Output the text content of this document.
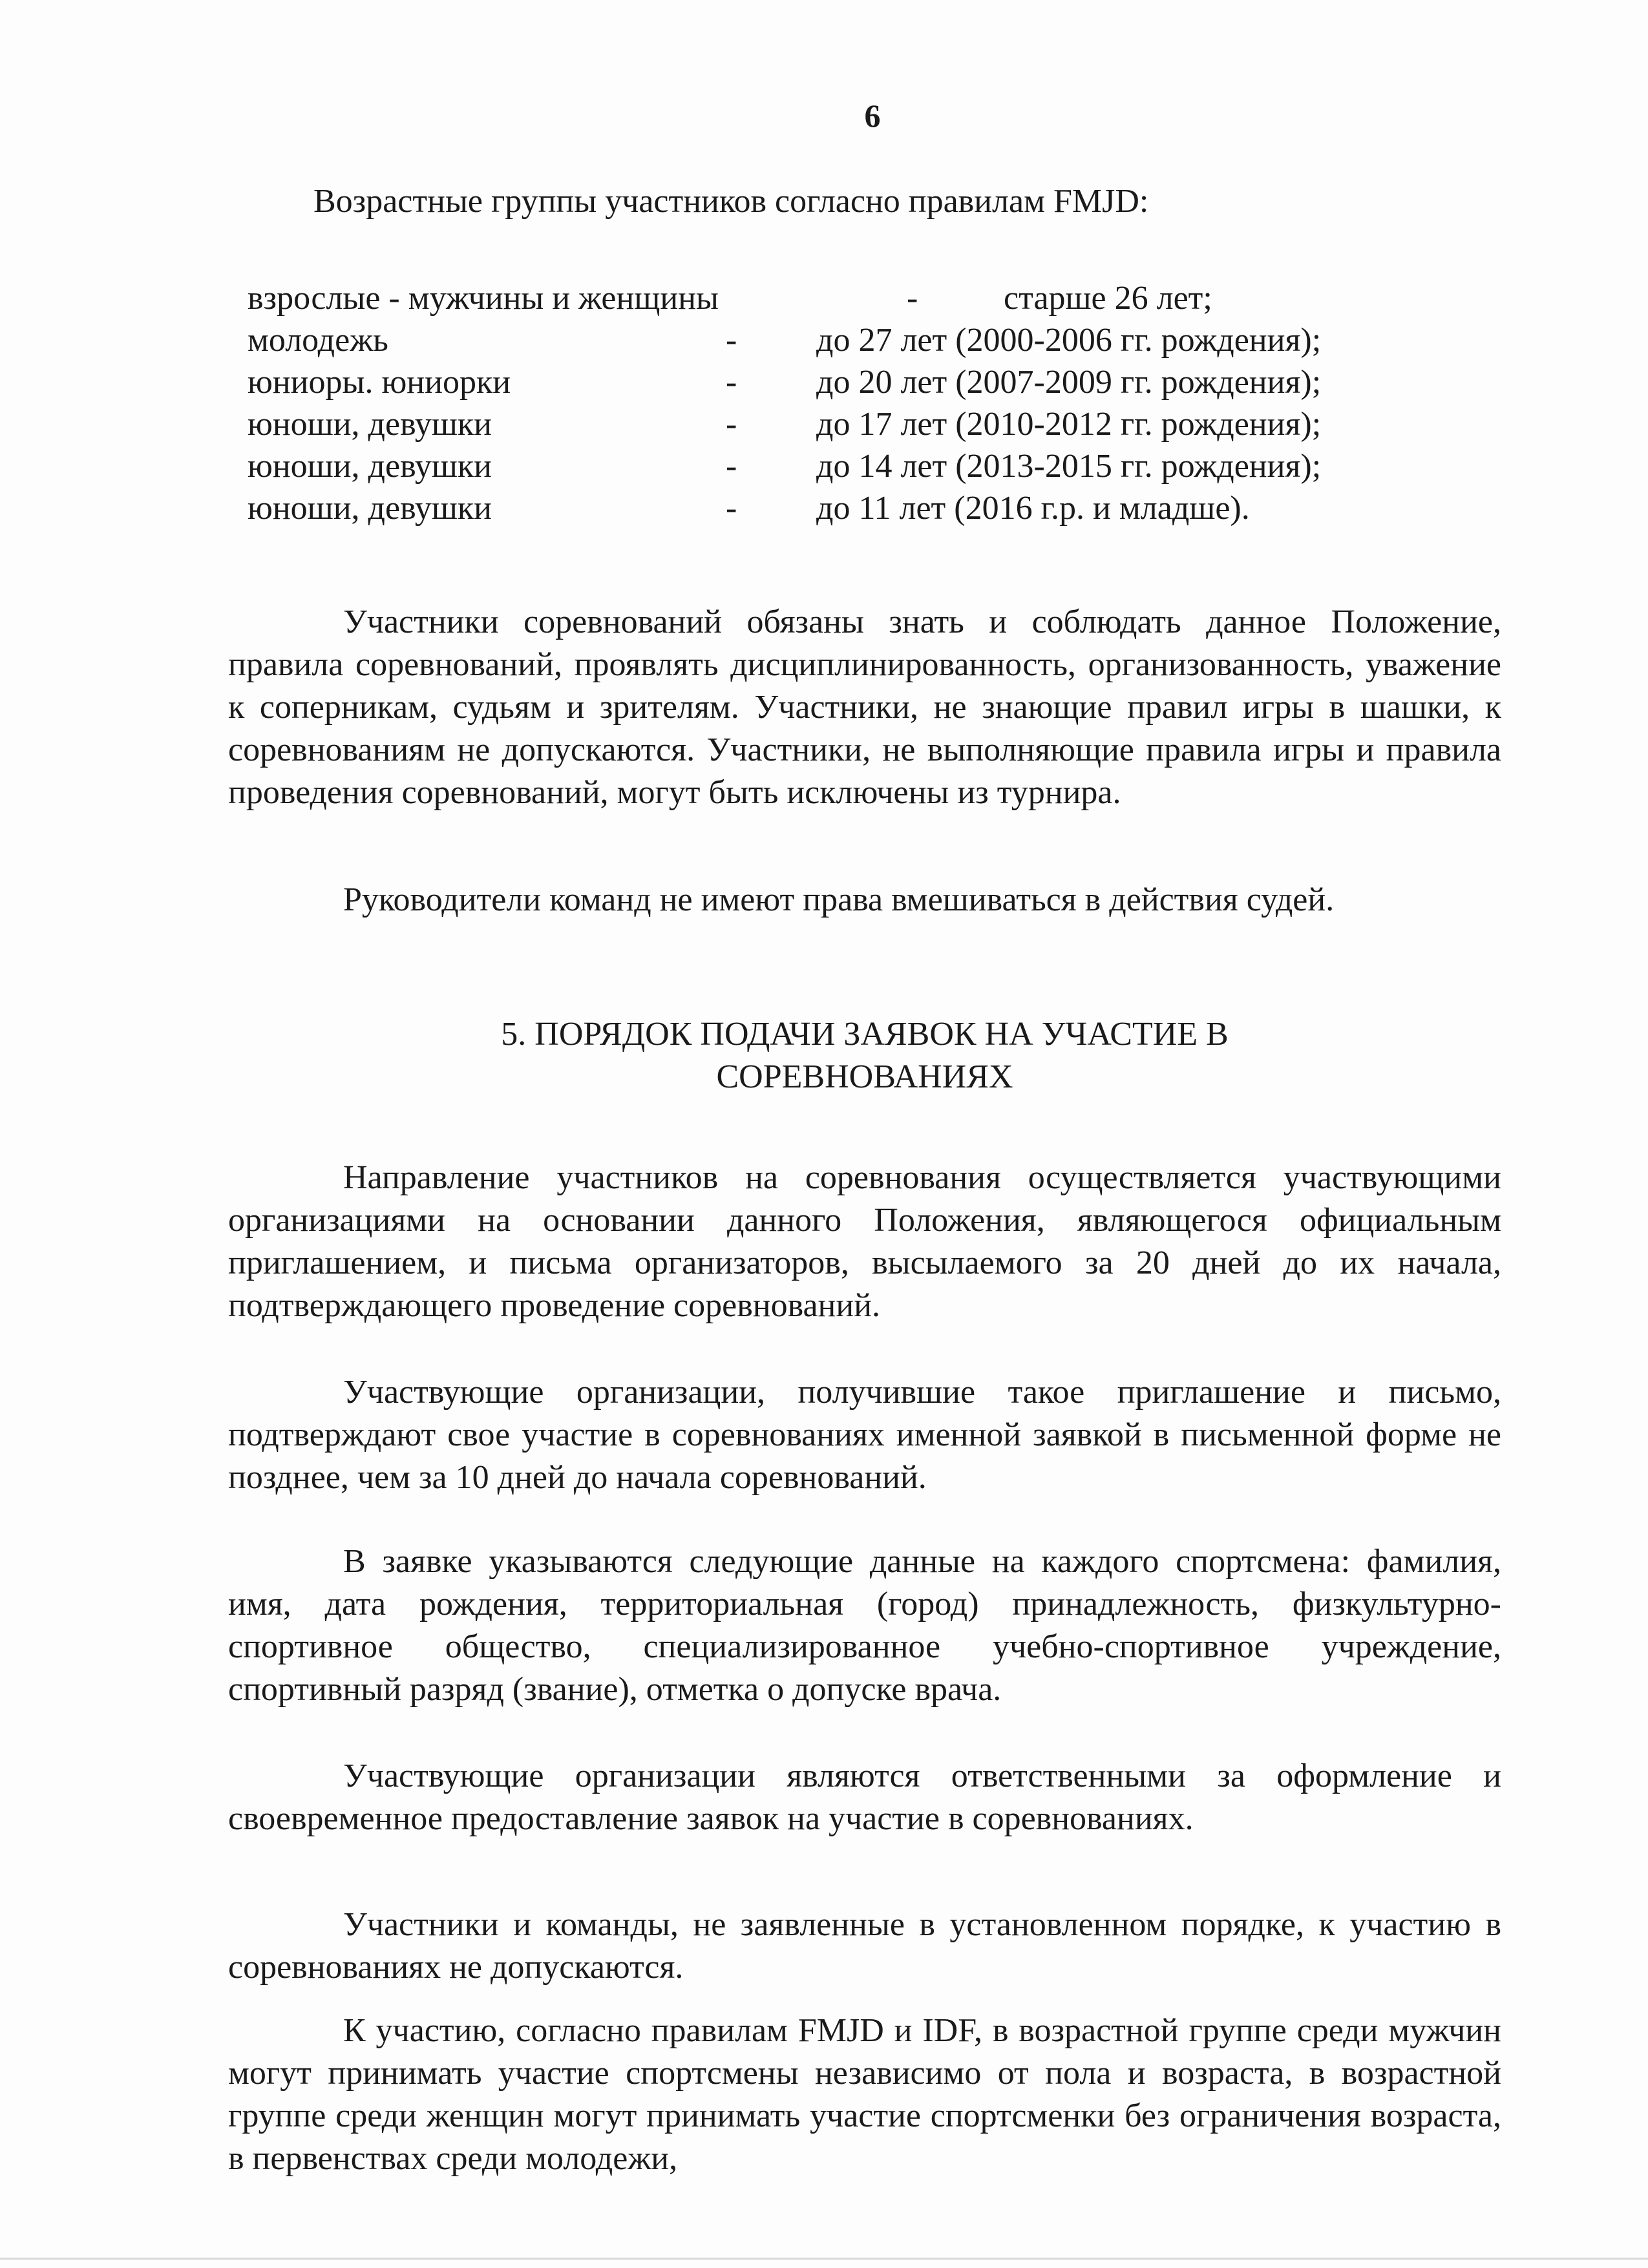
6
Возрастные группы участников согласно правилам FMJD:
взрослые - мужчины и женщины	-	старше 26 лет;
молодежь	- до 27 лет (2000-2006 гг. рождения);
юниоры. юниорки	- до 20 лет (2007-2009 гг. рождения);
юноши, девушки	- до 17 лет (2010-2012 гг. рождения);
юноши, девушки	- до 14 лет (2013-2015 гг. рождения);
юноши, девушки	- до 11 лет (2016 г.р. и младше).

Участники соревнований обязаны знать и соблюдать данное Положение, правила соревнований, проявлять дисциплинированность, организованность, уважение к соперникам, судьям и зрителям. Участники, не знающие правил игры в шашки, к соревнованиям не допускаются. Участники, не выполняющие правила игры и правила проведения соревнований, могут быть исключены из турнира.

Руководители команд не имеют права вмешиваться в действия судей.

5. ПОРЯДОК ПОДАЧИ ЗАЯВОК НА УЧАСТИЕ В
СОРЕВНОВАНИЯХ

Направление участников на соревнования осуществляется участвующими организациями на основании данного Положения, являющегося официальным приглашением, и письма организаторов, высылаемого за 20 дней до их начала, подтверждающего проведение соревнований.

Участвующие организации, получившие такое приглашение и письмо, подтверждают свое участие в соревнованиях именной заявкой в письменной форме не позднее, чем за 10 дней до начала соревнований.

В заявке указываются следующие данные на каждого спортсмена: фамилия, имя, дата рождения, территориальная (город) принадлежность, физкультурно-спортивное общество, специализированное учебно-спортивное учреждение, спортивный разряд (звание), отметка о допуске врача.

Участвующие организации являются ответственными за оформление и своевременное предоставление заявок на участие в соревнованиях.

Участники и команды, не заявленные в установленном порядке, к участию в соревнованиях не допускаются.

К участию, согласно правилам FMJD и IDF, в возрастной группе среди мужчин могут принимать участие спортсмены независимо от пола и возраста, в возрастной группе среди женщин могут принимать участие спортсменки без ограничения возраста, в первенствах среди молодежи,
